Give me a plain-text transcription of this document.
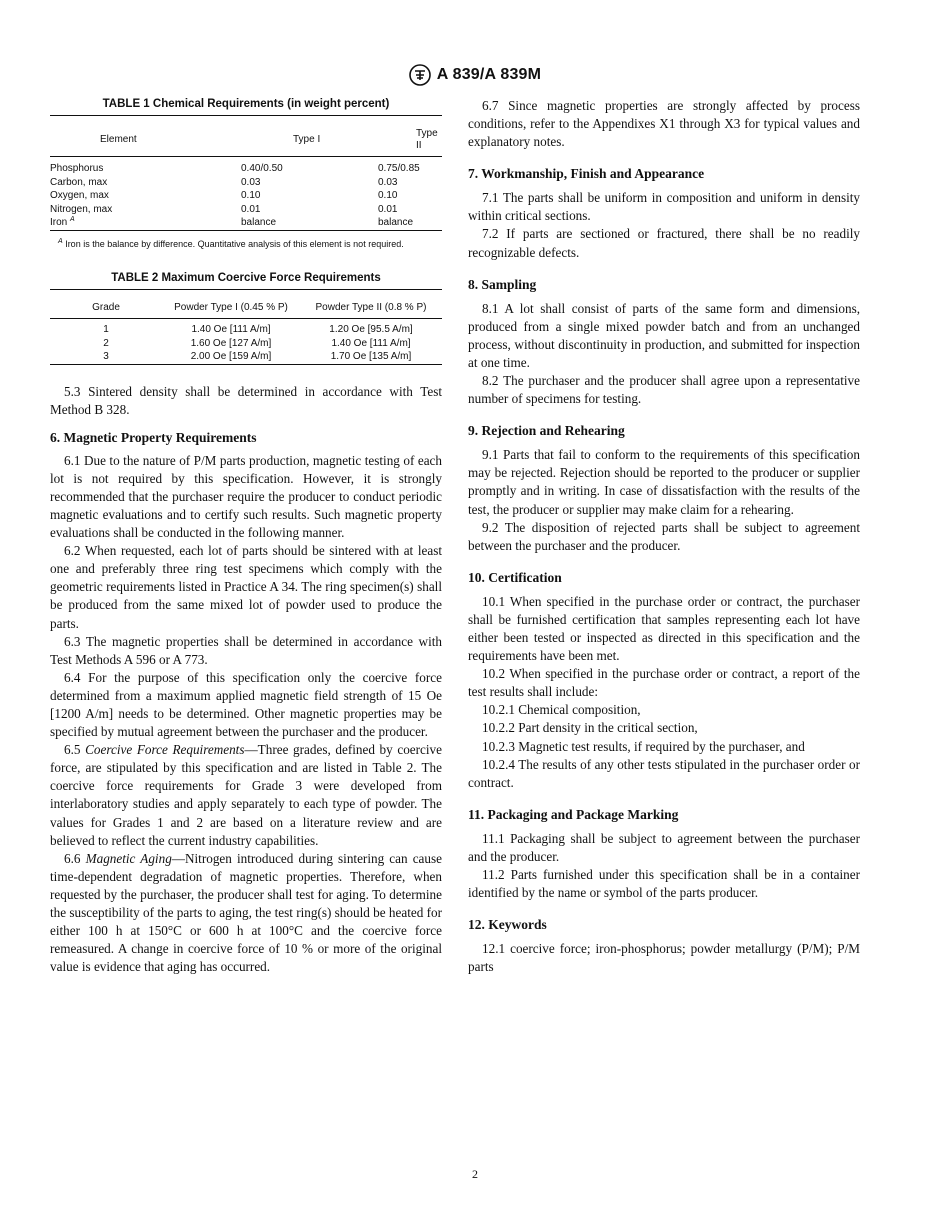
A 839/A 839M
TABLE 1 Chemical Requirements (in weight percent)
Element	Type I	Type II

Phosphorus	0.40/0.50	0.75/0.85
Carbon, max	0.03	0.03
Oxygen, max	0.10	0.10
Nitrogen, max	0.01	0.01
Iron $^A$	balance	balance
$^A$ Iron is the balance by difference. Quantitative analysis of this element is not required.
TABLE 2 Maximum Coercive Force Requirements
Grade	Powder Type I (0.45 % P)	Powder Type II (0.8 % P)

1	1.40 Oe [111 A/m]	1.20 Oe [95.5 A/m]
2	1.60 Oe [127 A/m]	1.40 Oe [111 A/m]
3	2.00 Oe [159 A/m]	1.70 Oe [135 A/m]

5.3 Sintered density shall be determined in accordance with Test Method B 328.

6. Magnetic Property Requirements

6.1 Due to the nature of P/M parts production, magnetic testing of each lot is not required by this specification. However, it is strongly recommended that the purchaser require the producer to conduct periodic magnetic evaluations and to certify such results. Such magnetic property evaluations shall be conducted in the following manner.

6.2 When requested, each lot of parts should be sintered with at least one and preferably three ring test specimens which comply with the geometric requirements listed in Practice A 34. The ring specimen(s) shall be produced from the same mixed lot of powder used to produce the parts.

6.3 The magnetic properties shall be determined in accordance with Test Methods A 596 or A 773.

6.4 For the purpose of this specification only the coercive force determined from a maximum applied magnetic field strength of 15 Oe [1200 A/m] needs to be determined. Other magnetic properties may be specified by mutual agreement between the purchaser and the producer.

6.5 Coercive Force Requirements—Three grades, defined by coercive force, are stipulated by this specification and are listed in Table 2. The coercive force requirements for Grade 3 were developed from interlaboratory studies and apply separately to each type of powder. The values for Grades 1 and 2 are based on a literature review and are believed to reflect the current industry capabilities.

6.6 Magnetic Aging—Nitrogen introduced during sintering can cause time-dependent degradation of magnetic properties. Therefore, when requested by the purchaser, the producer shall test for aging. To determine the susceptibility of the parts to aging, the test ring(s) should be heated for either 100 h at 150°C or 600 h at 100°C and the coercive force remeasured. A change in coercive force of 10 % or more of the original value is evidence that aging has occurred.

6.7 Since magnetic properties are strongly affected by process conditions, refer to the Appendixes X1 through X3 for typical values and explanatory notes.

7. Workmanship, Finish and Appearance

7.1 The parts shall be uniform in composition and uniform in density within critical sections.

7.2 If parts are sectioned or fractured, there shall be no readily recognizable defects.

8. Sampling

8.1 A lot shall consist of parts of the same form and dimensions, produced from a single mixed powder batch and from an unchanged process, without discontinuity in production, and submitted for inspection at one time.

8.2 The purchaser and the producer shall agree upon a representative number of specimens for testing.

9. Rejection and Rehearing

9.1 Parts that fail to conform to the requirements of this specification may be rejected. Rejection should be reported to the producer or supplier promptly and in writing. In case of dissatisfaction with the results of the test, the producer or supplier may make claim for a rehearing.

9.2 The disposition of rejected parts shall be subject to agreement between the purchaser and the producer.

10. Certification

10.1 When specified in the purchase order or contract, the purchaser shall be furnished certification that samples representing each lot have either been tested or inspected as directed in this specification and the requirements have been met.

10.2 When specified in the purchase order or contract, a report of the test results shall include:

10.2.1 Chemical composition,

10.2.2 Part density in the critical section,

10.2.3 Magnetic test results, if required by the purchaser, and

10.2.4 The results of any other tests stipulated in the purchaser order or contract.

11. Packaging and Package Marking

11.1 Packaging shall be subject to agreement between the purchaser and the producer.

11.2 Parts furnished under this specification shall be in a container identified by the name or symbol of the parts producer.

12. Keywords

12.1 coercive force; iron-phosphorus; powder metallurgy (P/M); P/M parts

2
